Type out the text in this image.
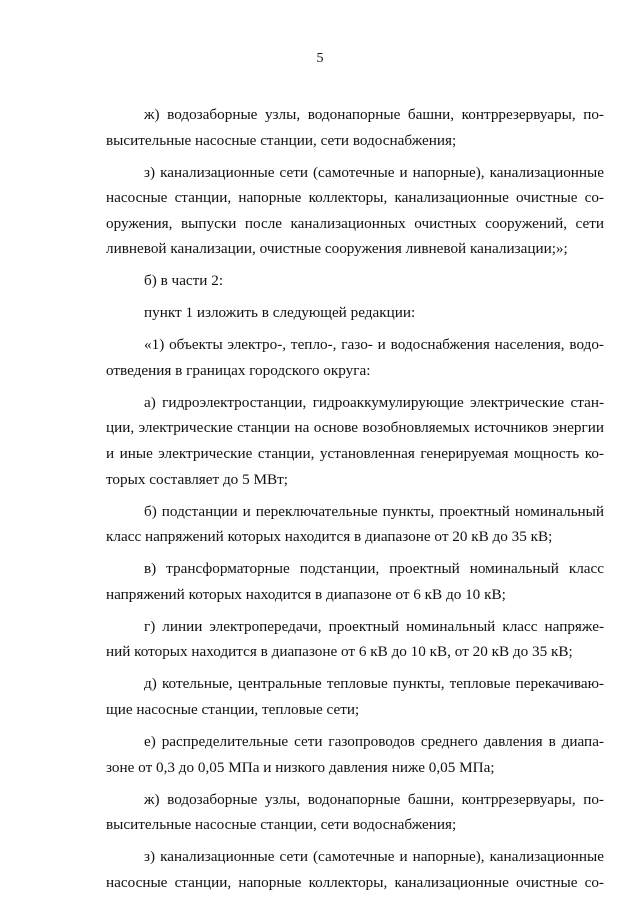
5
ж) водозаборные узлы, водонапорные башни, контррезервуары, по-
высительные насосные станции, сети водоснабжения;
з) канализационные сети (самотечные и напорные), канализационные
насосные станции, напорные коллекторы, канализационные очистные со-
оружения, выпуски после канализационных очистных сооружений, сети
ливневой канализации, очистные сооружения ливневой канализации;»;
б) в части 2:
пункт 1 изложить в следующей редакции:
«1) объекты электро-, тепло-, газо- и водоснабжения населения, водо-
отведения в границах городского округа:
а) гидроэлектростанции, гидроаккумулирующие электрические стан-
ции, электрические станции на основе возобновляемых источников энергии
и иные электрические станции, установленная генерируемая мощность ко-
торых составляет до 5 МВт;
б) подстанции и переключательные пункты, проектный номинальный
класс напряжений которых находится в диапазоне от 20 кВ до 35 кВ;
в) трансформаторные подстанции, проектный номинальный класс
напряжений которых находится в диапазоне от 6 кВ до 10 кВ;
г) линии электропередачи, проектный номинальный класс напряже-
ний которых находится в диапазоне от 6 кВ до 10 кВ, от 20 кВ до 35 кВ;
д) котельные, центральные тепловые пункты, тепловые перекачиваю-
щие насосные станции, тепловые сети;
е) распределительные сети газопроводов среднего давления в диапа-
зоне от 0,3 до 0,05 МПа и низкого давления ниже 0,05 МПа;
ж) водозаборные узлы, водонапорные башни, контррезервуары, по-
высительные насосные станции, сети водоснабжения;
з) канализационные сети (самотечные и напорные), канализационные
насосные станции, напорные коллекторы, канализационные очистные со-
